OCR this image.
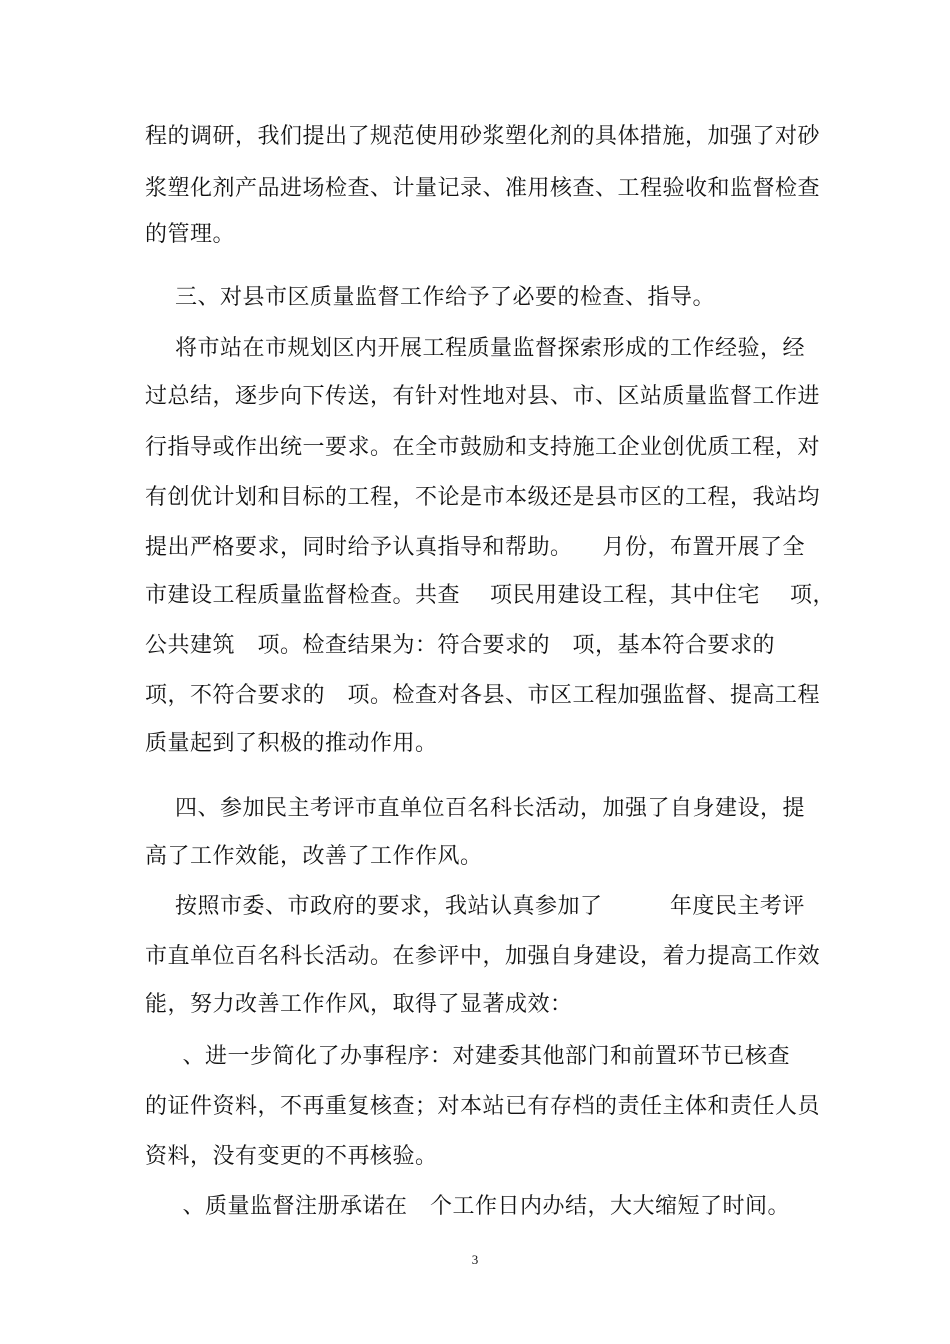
程的调研，我们提出了规范使用砂浆塑化剂的具体措施，加强了对砂
浆塑化剂产品进场检查、计量记录、准用核查、工程验收和监督检查
的管理。
三、对县市区质量监督工作给予了必要的检查、指导。
将市站在市规划区内开展工程质量监督探索形成的工作经验，经
过总结，逐步向下传送，有针对性地对县、市、区站质量监督工作进
行指导或作出统一要求。在全市鼓励和支持施工企业创优质工程，对
有创优计划和目标的工程，不论是市本级还是县市区的工程，我站均
提出严格要求，同时给予认真指导和帮助。    月份，布置开展了全
市建设工程质量监督检查。共查    项民用建设工程，其中住宅    项，
公共建筑   项。检查结果为：符合要求的   项，基本符合要求的
项，不符合要求的   项。检查对各县、市区工程加强监督、提高工程
质量起到了积极的推动作用。
四、参加民主考评市直单位百名科长活动，加强了自身建设，提
高了工作效能，改善了工作作风。
按照市委、市政府的要求，我站认真参加了         年度民主考评
市直单位百名科长活动。在参评中，加强自身建设，着力提高工作效
能，努力改善工作作风，取得了显著成效：
、进一步简化了办事程序：对建委其他部门和前置环节已核查
的证件资料，不再重复核查；对本站已有存档的责任主体和责任人员
资料，没有变更的不再核验。
、质量监督注册承诺在   个工作日内办结，大大缩短了时间。
3
